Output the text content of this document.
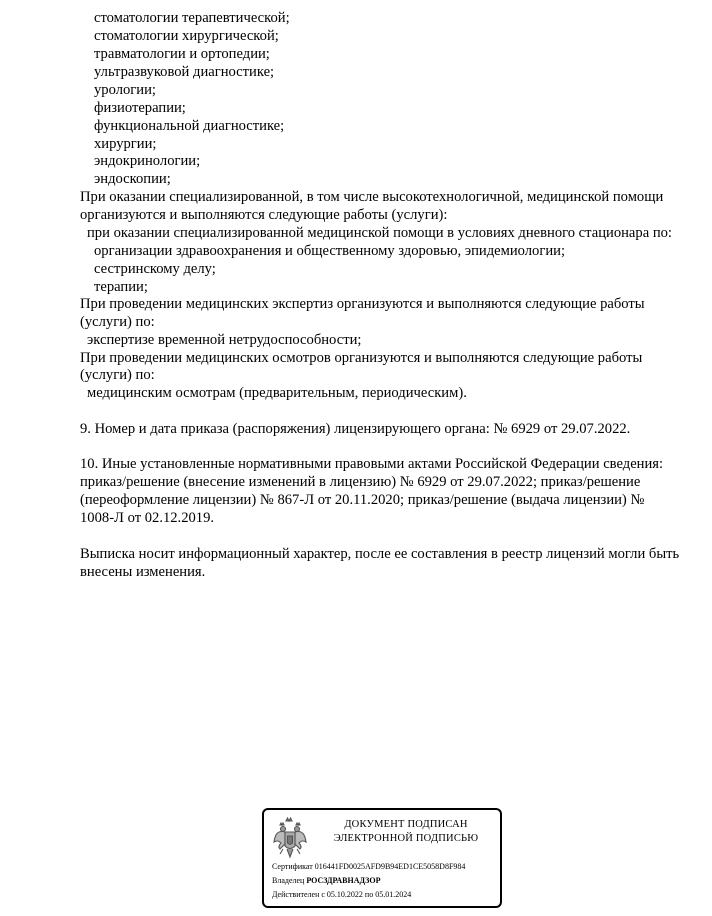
стоматологии терапевтической;
стоматологии хирургической;
травматологии и ортопедии;
ультразвуковой диагностике;
урологии;
физиотерапии;
функциональной диагностике;
хирургии;
эндокринологии;
эндоскопии;
При оказании специализированной, в том числе высокотехнологичной, медицинской помощи
организуются и выполняются следующие работы (услуги):
при оказании специализированной медицинской помощи в условиях дневного стационара по:
организации здравоохранения и общественному здоровью, эпидемиологии;
сестринскому делу;
терапии;
При проведении медицинских экспертиз организуются и выполняются следующие работы
(услуги) по:
экспертизе временной нетрудоспособности;
При проведении медицинских осмотров организуются и выполняются следующие работы
(услуги) по:
медицинским осмотрам (предварительным, периодическим).
9. Номер и дата приказа (распоряжения) лицензирующего органа: № 6929 от 29.07.2022.
10. Иные установленные нормативными правовыми актами Российской Федерации сведения:
приказ/решение (внесение изменений в лицензию) № 6929 от 29.07.2022; приказ/решение
(переоформление лицензии) № 867-Л от 20.11.2020; приказ/решение (выдача лицензии) №
1008-Л от 02.12.2019.
Выписка носит информационный характер, после ее составления в реестр лицензий могли быть
внесены изменения.
ДОКУМЕНТ ПОДПИСАН
ЭЛЕКТРОННОЙ ПОДПИСЬЮ
Сертификат 016441FD0025AFD9B94ED1CE5058D8F984
Владелец РОСЗДРАВНАДЗОР
Действителен с 05.10.2022 по 05.01.2024
